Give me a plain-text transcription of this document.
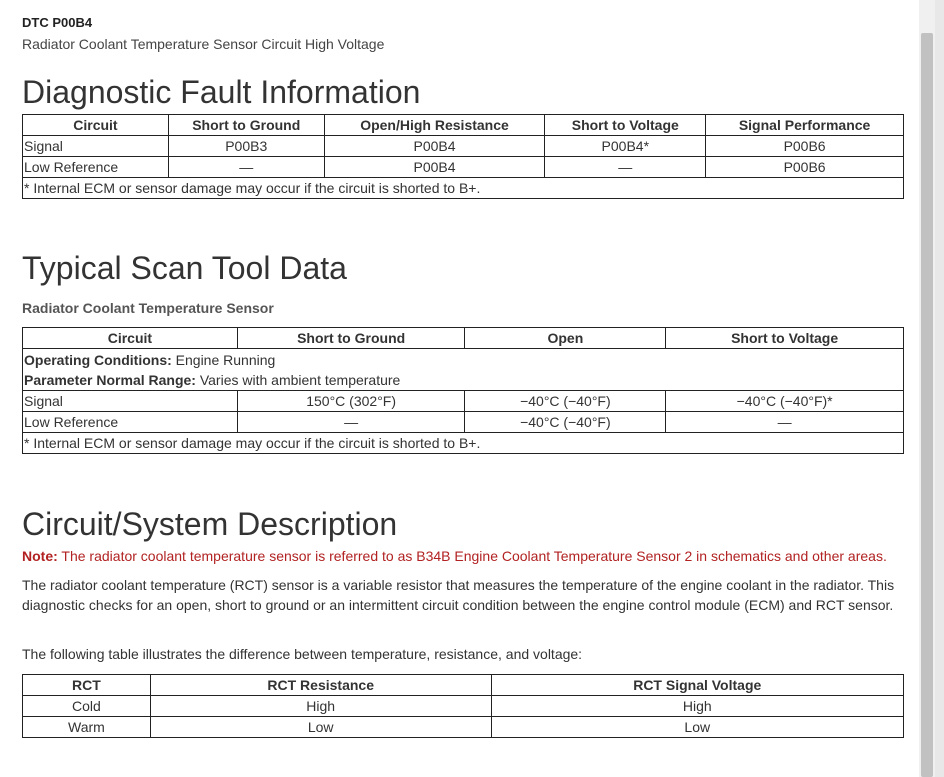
DTC P00B4
Radiator Coolant Temperature Sensor Circuit High Voltage
Diagnostic Fault Information
Circuit	Short to Ground	Open/High Resistance	Short to Voltage	Signal Performance
Signal	P00B3	P00B4	P00B4*	P00B6
Low Reference	—	P00B4	—	P00B6
* Internal ECM or sensor damage may occur if the circuit is shorted to B+.				
Typical Scan Tool Data
Radiator Coolant Temperature Sensor
Circuit	Short to Ground	Open	Short to Voltage

Operating Conditions: Engine Running
Parameter Normal Range: Varies with ambient temperature			

Signal	150°C (302°F)	−40°C (−40°F)	−40°C (−40°F)*
Low Reference	—	−40°C (−40°F)	—
* Internal ECM or sensor damage may occur if the circuit is shorted to B+.			
Circuit/System Description
Note: The radiator coolant temperature sensor is referred to as B34B Engine Coolant Temperature Sensor 2 in schematics and other areas.
The radiator coolant temperature (RCT) sensor is a variable resistor that measures the temperature of the engine coolant in the radiator. This diagnostic checks for an open, short to ground or an intermittent circuit condition between the engine control module (ECM) and RCT sensor.
The following table illustrates the difference between temperature, resistance, and voltage:
RCT	RCT Resistance	RCT Signal Voltage
Cold	High	High
Warm	Low	Low
